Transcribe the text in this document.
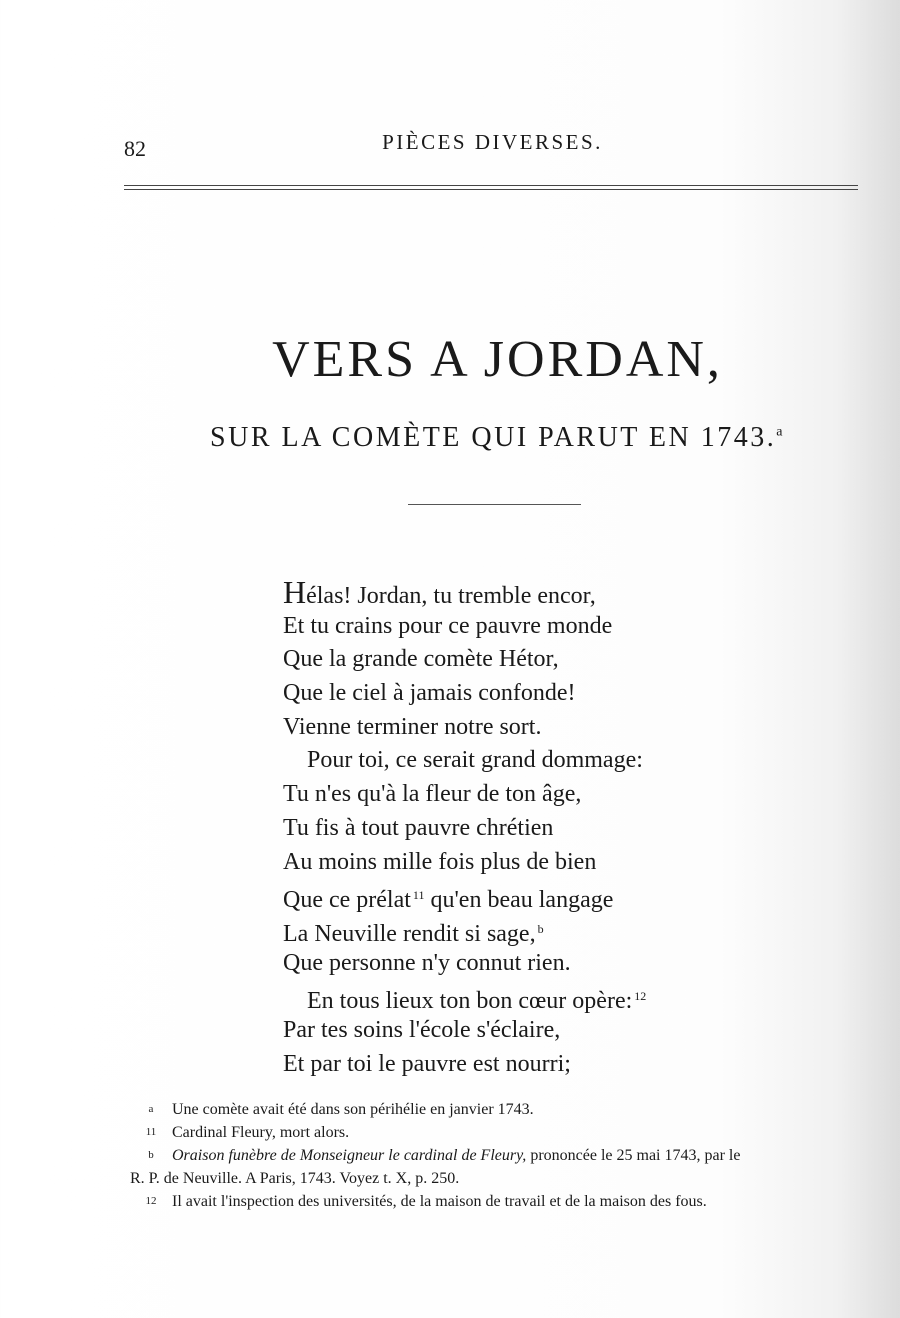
82	PIÈCES DIVERSES.
VERS A JORDAN,
SUR LA COMÈTE QUI PARUT EN 1743.$^a$
Hélas! Jordan, tu tremble encor,
Et tu crains pour ce pauvre monde
Que la grande comète Hétor,
Que le ciel à jamais confonde!
Vienne terminer notre sort.
Pour toi, ce serait grand dommage:
Tu n'es qu'à la fleur de ton âge,
Tu fis à tout pauvre chrétien
Au moins mille fois plus de bien
Que ce prélat $^{11}$ qu'en beau langage
La Neuville rendit si sage, $^b$
Que personne n'y connut rien.
En tous lieux ton bon cœur opère: $^{12}$
Par tes soins l'école s'éclaire,
Et par toi le pauvre est nourri;
a Une comète avait été dans son périhélie en janvier 1743.
11 Cardinal Fleury, mort alors.
b Oraison funèbre de Monseigneur le cardinal de Fleury, prononcée le 25 mai 1743, par le
R. P. de Neuville. A Paris, 1743. Voyez t. X, p. 250.
12 Il avait l'inspection des universités, de la maison de travail et de la maison des fous.
